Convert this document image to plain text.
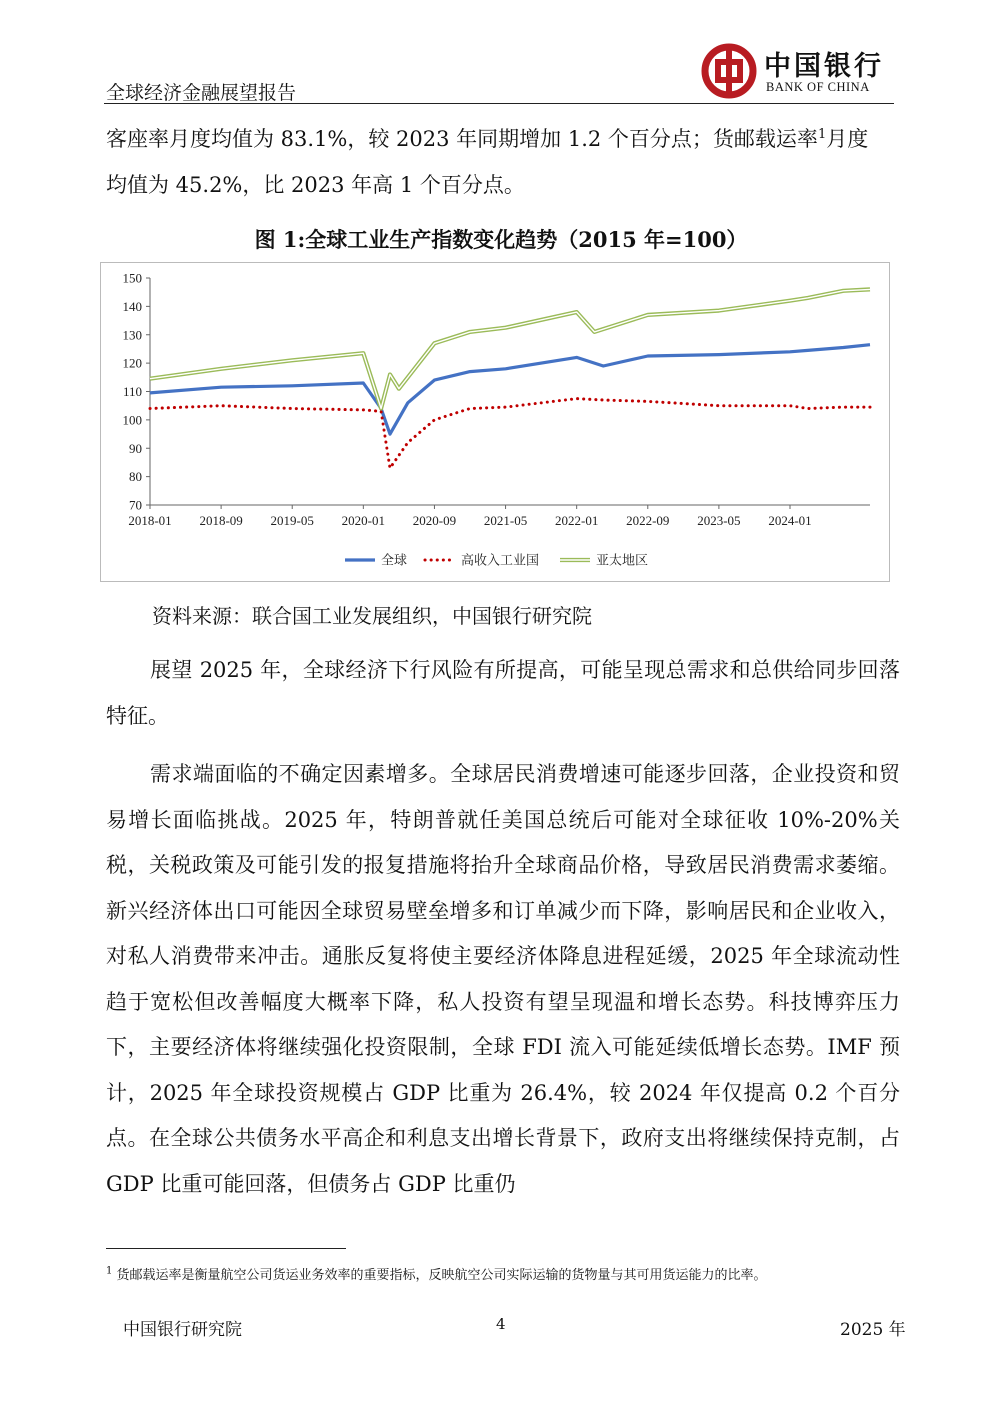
全球经济金融展望报告
中国银行
BANK OF CHINA

客座率月度均值为 83.1%，较 2023 年同期增加 1.2 个百分点；货邮载运率$^1$月度

均值为 45.2%，比 2023 年高 1 个百分点。

图 1:全球工业生产指数变化趋势（2015 年=100）
70
80
90
100
110
120
130
140
150
2018-01 2018-09 2019-05 2020-01 2020-09 2021-05 2022-01 2022-09 2023-05 2024-01
全球	高收入工业国	亚太地区
资料来源：联合国工业发展组织，中国银行研究院
展望 2025 年，全球经济下行风险有所提高，可能呈现总需求和总供给同步回落特征。
需求端面临的不确定因素增多。全球居民消费增速可能逐步回落，企业投资和贸易增长面临挑战。2025 年，特朗普就任美国总统后可能对全球征收 10%-20%关税，关税政策及可能引发的报复措施将抬升全球商品价格，导致居民消费需求萎缩。新兴经济体出口可能因全球贸易壁垒增多和订单减少而下降，影响居民和企业收入，对私人消费带来冲击。通胀反复将使主要经济体降息进程延缓，2025 年全球流动性趋于宽松但改善幅度大概率下降，私人投资有望呈现温和增长态势。科技博弈压力下，主要经济体将继续强化投资限制，全球 FDI 流入可能延续低增长态势。IMF 预计，2025 年全球投资规模占 GDP 比重为 26.4%，较 2024 年仅提高 0.2 个百分点。在全球公共债务水平高企和利息支出增长背景下，政府支出将继续保持克制，占 GDP 比重可能回落，但债务占 GDP 比重仍
$^1$ 货邮载运率是衡量航空公司货运业务效率的重要指标，反映航空公司实际运输的货物量与其可用货运能力的比率。
中国银行研究院	4	2025 年
